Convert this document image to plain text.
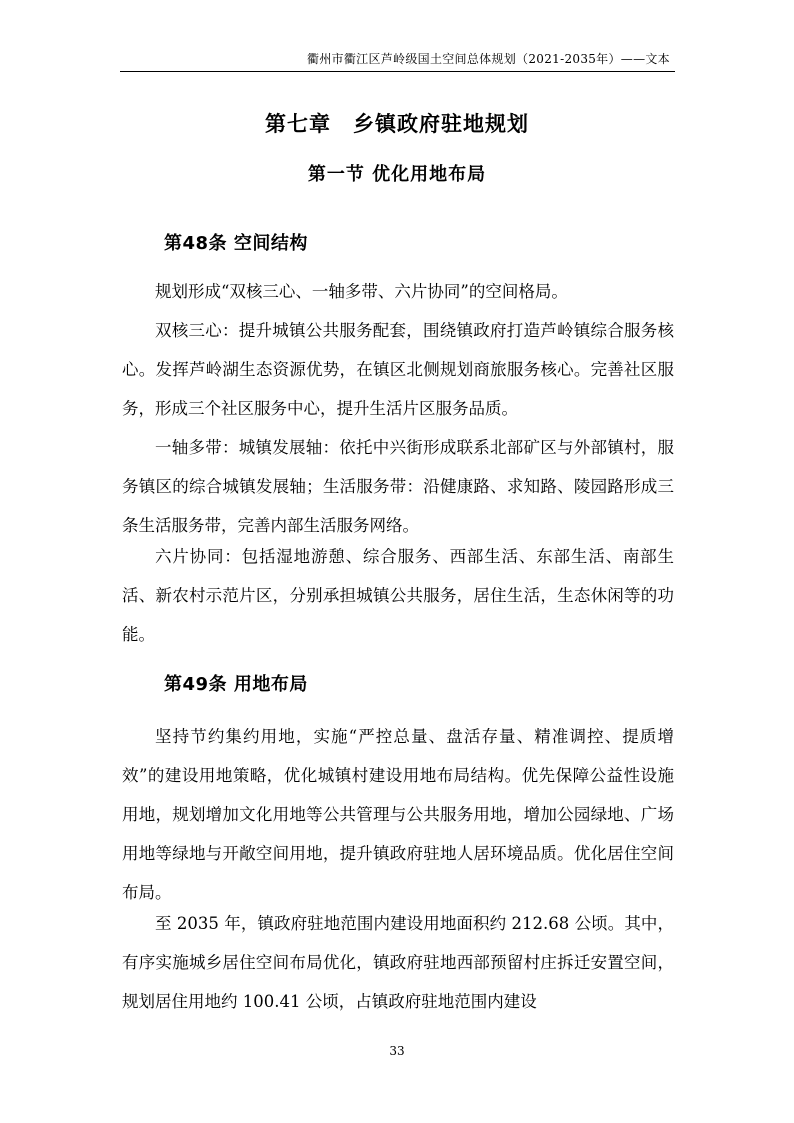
衢州市衢江区芦岭级国土空间总体规划（2021-2035年）——文本
第七章　乡镇政府驻地规划
第一节 优化用地布局
第48条 空间结构

规划形成“双核三心、一轴多带、六片协同”的空间格局。

双核三心：提升城镇公共服务配套，围绕镇政府打造芦岭镇综合服务核心。发挥芦岭湖生态资源优势，在镇区北侧规划商旅服务核心。完善社区服务，形成三个社区服务中心，提升生活片区服务品质。

一轴多带：城镇发展轴：依托中兴街形成联系北部矿区与外部镇村，服务镇区的综合城镇发展轴；生活服务带：沿健康路、求知路、陵园路形成三条生活服务带，完善内部生活服务网络。

六片协同：包括湿地游憩、综合服务、西部生活、东部生活、南部生活、新农村示范片区，分别承担城镇公共服务，居住生活，生态休闲等的功能。

第49条 用地布局

坚持节约集约用地，实施“严控总量、盘活存量、精准调控、提质增效”的建设用地策略，优化城镇村建设用地布局结构。优先保障公益性设施用地，规划增加文化用地等公共管理与公共服务用地，增加公园绿地、广场用地等绿地与开敞空间用地，提升镇政府驻地人居环境品质。优化居住空间布局。

至 2035 年，镇政府驻地范围内建设用地面积约 212.68 公顷。其中，有序实施城乡居住空间布局优化，镇政府驻地西部预留村庄拆迁安置空间，规划居住用地约 100.41 公顷，占镇政府驻地范围内建设

33
